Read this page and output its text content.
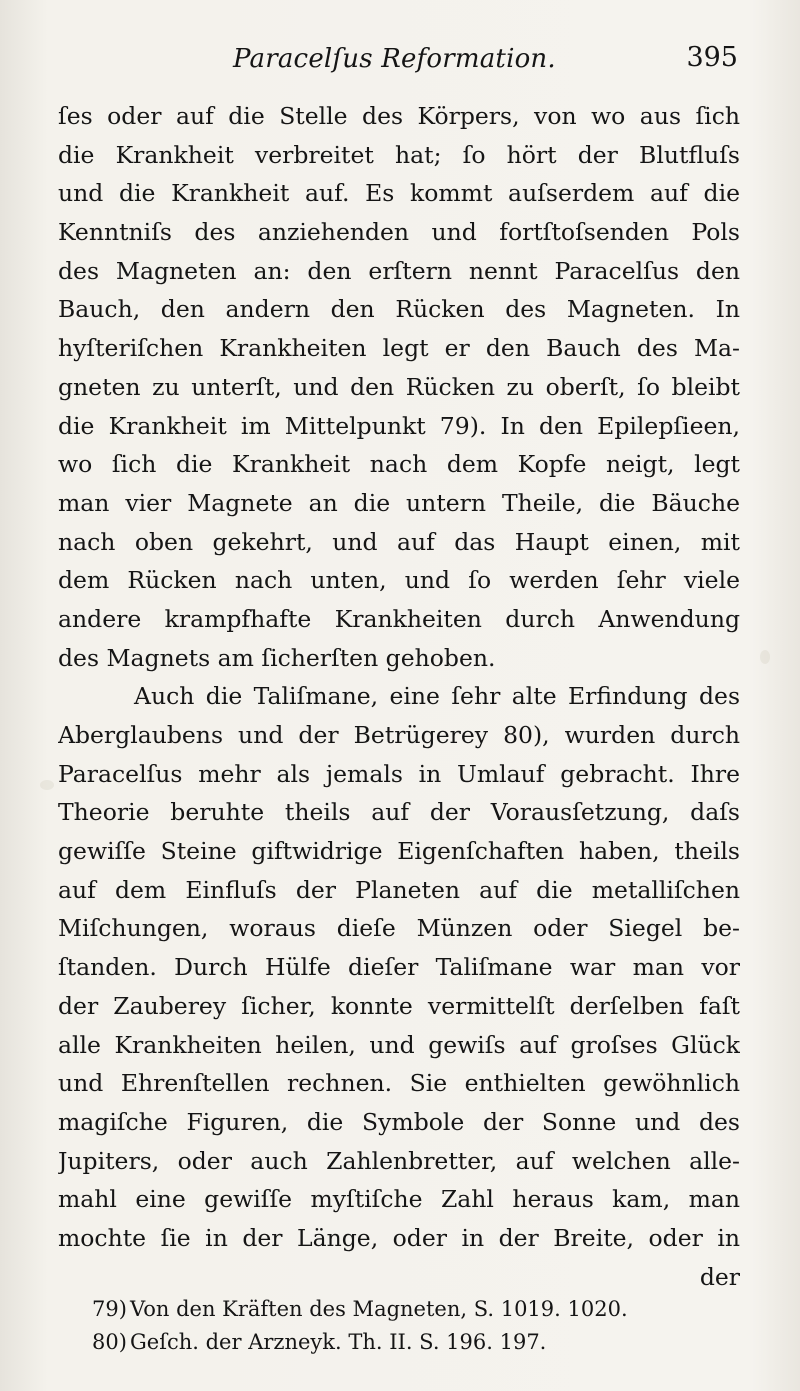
Paracelſus Reformation.	395
ſes oder auf die Stelle des Körpers, von wo aus ſich
die Krankheit verbreitet hat; ſo hört der Blutfluſs
und die Krankheit auf. Es kommt auſserdem auf die
Kenntniſs des anziehenden und fortſtoſsenden Pols
des Magneten an: den erſtern nennt Paracelſus den
Bauch, den andern den Rücken des Magneten. In
hyſteriſchen Krankheiten legt er den Bauch des Ma-
gneten zu unterſt, und den Rücken zu oberſt, ſo bleibt
die Krankheit im Mittelpunkt 79). In den Epilepſieen,
wo ſich die Krankheit nach dem Kopfe neigt, legt
man vier Magnete an die untern Theile, die Bäuche
nach oben gekehrt, und auf das Haupt einen, mit
dem Rücken nach unten, und ſo werden ſehr viele
andere krampfhafte Krankheiten durch Anwendung
des Magnets am ſicherſten gehoben.
Auch die Taliſmane, eine ſehr alte Erfindung des
Aberglaubens und der Betrügerey 80), wurden durch
Paracelſus mehr als jemals in Umlauf gebracht. Ihre
Theorie beruhte theils auf der Vorausſetzung, daſs
gewiſſe Steine giftwidrige Eigenſchaften haben, theils
auf dem Einfluſs der Planeten auf die metalliſchen
Miſchungen, woraus dieſe Münzen oder Siegel be-
ſtanden. Durch Hülfe dieſer Taliſmane war man vor
der Zauberey ſicher, konnte vermittelſt derſelben faſt
alle Krankheiten heilen, und gewiſs auf groſses Glück
und Ehrenſtellen rechnen. Sie enthielten gewöhnlich
magiſche Figuren, die Symbole der Sonne und des
Jupiters, oder auch Zahlenbretter, auf welchen alle-
mahl eine gewiſſe myſtiſche Zahl heraus kam, man
mochte ſie in der Länge, oder in der Breite, oder in
der
79) Von den Kräften des Magneten, S. 1019. 1020.
80) Geſch. der Arzneyk. Th. II. S. 196. 197.
